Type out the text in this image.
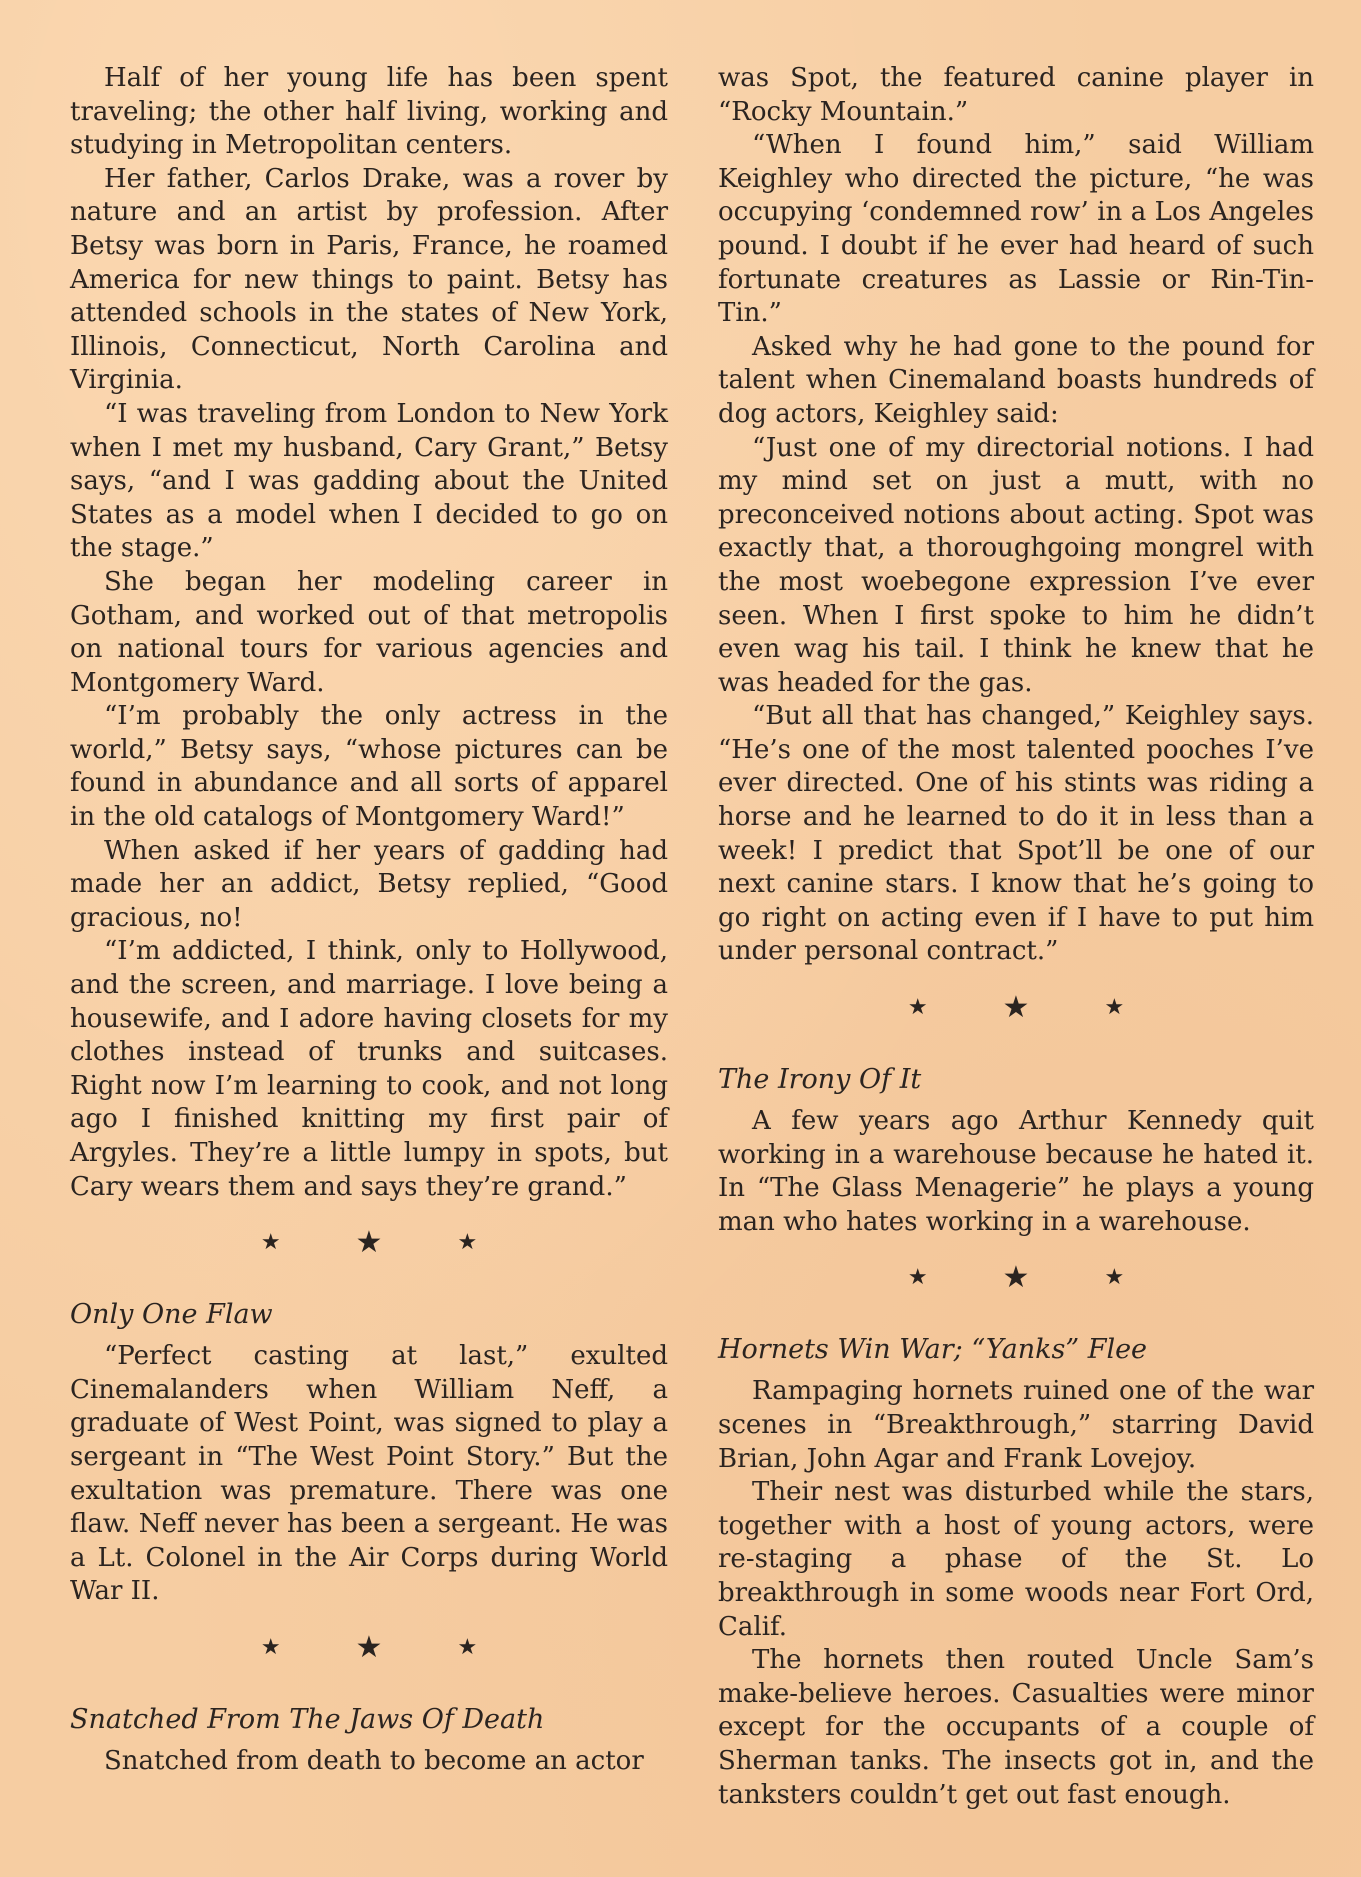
Half of her young life has been spent traveling; the other half living, working and studying in Metropolitan centers.

Her father, Carlos Drake, was a rover by nature and an artist by profession. After Betsy was born in Paris, France, he roamed America for new things to paint. Betsy has attended schools in the states of New York, Illinois, Connecticut, North Carolina and Virginia.

“I was traveling from London to New York when I met my husband, Cary Grant,” Betsy says, “and I was gadding about the United States as a model when I decided to go on the stage.”

She began her modeling career in Gotham, and worked out of that metropolis on national tours for various agencies and Montgomery Ward.

“I’m probably the only actress in the world,” Betsy says, “whose pictures can be found in abundance and all sorts of apparel in the old catalogs of Montgomery Ward!”

When asked if her years of gadding had made her an addict, Betsy replied, “Good gracious, no!

“I’m addicted, I think, only to Hollywood, and the screen, and marriage. I love being a housewife, and I adore having closets for my clothes instead of trunks and suitcases. Right now I’m learning to cook, and not long ago I finished knitting my first pair of Argyles. They’re a little lumpy in spots, but Cary wears them and says they’re grand.”

★	★	★
Only One Flaw

“Perfect casting at last,” exulted Cinemalanders when William Neff, a graduate of West Point, was signed to play a sergeant in “The West Point Story.” But the exultation was premature. There was one flaw. Neff never has been a sergeant. He was a Lt. Colonel in the Air Corps during World War II.

★	★	★
Snatched From The Jaws Of Death

Snatched from death to become an actor

was Spot, the featured canine player in “Rocky Mountain.”

“When I found him,” said William Keighley who directed the picture, “he was occupying ‘condemned row’ in a Los Angeles pound. I doubt if he ever had heard of such fortunate creatures as Lassie or Rin-Tin-Tin.”

Asked why he had gone to the pound for talent when Cinemaland boasts hundreds of dog actors, Keighley said:

“Just one of my directorial notions. I had my mind set on just a mutt, with no preconceived notions about acting. Spot was exactly that, a thoroughgoing mongrel with the most woebegone expression I’ve ever seen. When I first spoke to him he didn’t even wag his tail. I think he knew that he was headed for the gas.

“But all that has changed,” Keighley says. “He’s one of the most talented pooches I’ve ever directed. One of his stints was riding a horse and he learned to do it in less than a week! I predict that Spot’ll be one of our next canine stars. I know that he’s going to go right on acting even if I have to put him under personal contract.”

★	★	★
The Irony Of It

A few years ago Arthur Kennedy quit working in a warehouse because he hated it. In “The Glass Menagerie” he plays a young man who hates working in a warehouse.

★	★	★
Hornets Win War; “Yanks” Flee

Rampaging hornets ruined one of the war scenes in “Breakthrough,” starring David Brian, John Agar and Frank Lovejoy.

Their nest was disturbed while the stars, together with a host of young actors, were re-staging a phase of the St. Lo breakthrough in some woods near Fort Ord, Calif.

The hornets then routed Uncle Sam’s make-believe heroes. Casualties were minor except for the occupants of a couple of Sherman tanks. The insects got in, and the tanksters couldn’t get out fast enough.
